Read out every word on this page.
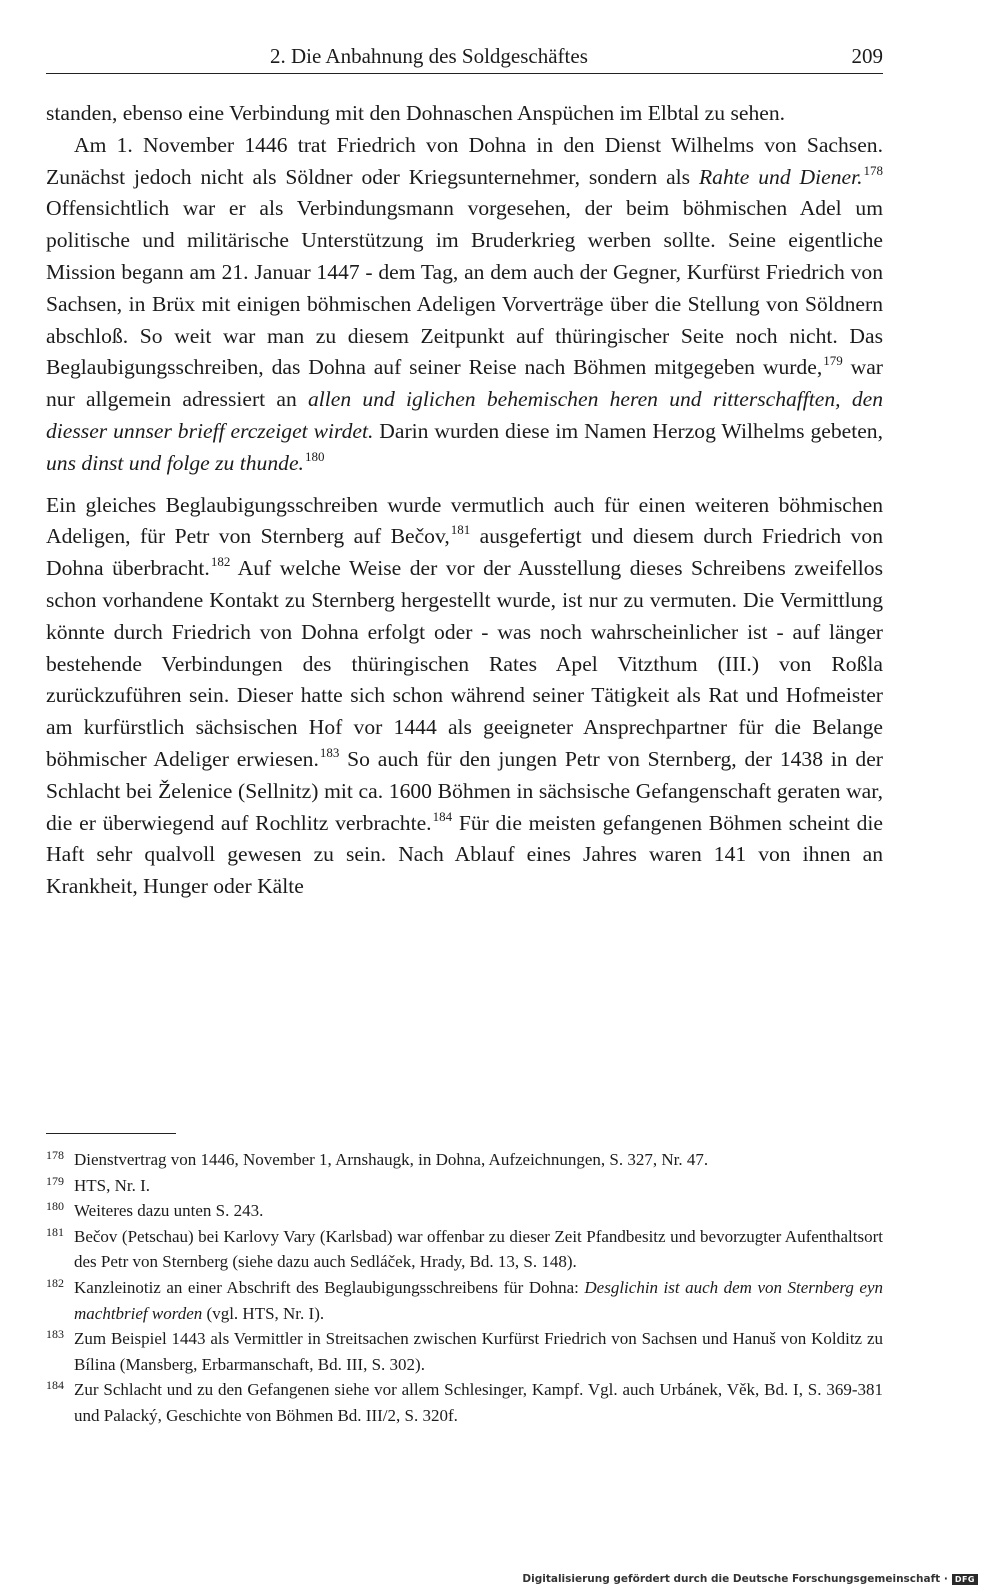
2. Die Anbahnung des Soldgeschäftes	209

standen, ebenso eine Verbindung mit den Dohnaschen Anspüchen im Elbtal zu sehen.

Am 1. November 1446 trat Friedrich von Dohna in den Dienst Wilhelms von Sachsen. Zunächst jedoch nicht als Söldner oder Kriegsunternehmer, sondern als Rahte und Diener.$^{178}$ Offensichtlich war er als Verbindungsmann vorgesehen, der beim böhmischen Adel um politische und militärische Unterstützung im Bruderkrieg werben sollte. Seine eigentliche Mission begann am 21. Januar 1447 - dem Tag, an dem auch der Gegner, Kurfürst Friedrich von Sachsen, in Brüx mit einigen böhmischen Adeligen Vorverträge über die Stellung von Söldnern abschloß. So weit war man zu diesem Zeitpunkt auf thüringischer Seite noch nicht. Das Beglaubigungsschreiben, das Dohna auf seiner Reise nach Böhmen mitgegeben wurde,$^{179}$ war nur allgemein adressiert an allen und iglichen behemischen heren und ritterschafften, den diesser unnser brieff erczeiget wirdet. Darin wurden diese im Namen Herzog Wilhelms gebeten, uns dinst und folge zu thunde.$^{180}$

Ein gleiches Beglaubigungsschreiben wurde vermutlich auch für einen weiteren böhmischen Adeligen, für Petr von Sternberg auf Bečov,$^{181}$ ausgefertigt und diesem durch Friedrich von Dohna überbracht.$^{182}$ Auf welche Weise der vor der Ausstellung dieses Schreibens zweifellos schon vorhandene Kontakt zu Sternberg hergestellt wurde, ist nur zu vermuten. Die Vermittlung könnte durch Friedrich von Dohna erfolgt oder - was noch wahrscheinlicher ist - auf länger bestehende Verbindungen des thüringischen Rates Apel Vitzthum (III.) von Roßla zurückzuführen sein. Dieser hatte sich schon während seiner Tätigkeit als Rat und Hofmeister am kurfürstlich sächsischen Hof vor 1444 als geeigneter Ansprechpartner für die Belange böhmischer Adeliger erwiesen.$^{183}$ So auch für den jungen Petr von Sternberg, der 1438 in der Schlacht bei Želenice (Sellnitz) mit ca. 1600 Böhmen in sächsische Gefangenschaft geraten war, die er überwiegend auf Rochlitz verbrachte.$^{184}$ Für die meisten gefangenen Böhmen scheint die Haft sehr qualvoll gewesen zu sein. Nach Ablauf eines Jahres waren 141 von ihnen an Krankheit, Hunger oder Kälte

178 Dienstvertrag von 1446, November 1, Arnshaugk, in Dohna, Aufzeichnungen, S. 327, Nr. 47.

179 HTS, Nr. I.

180 Weiteres dazu unten S. 243.

181 Bečov (Petschau) bei Karlovy Vary (Karlsbad) war offenbar zu dieser Zeit Pfandbesitz und bevorzugter Aufenthaltsort des Petr von Sternberg (siehe dazu auch Sedláček, Hrady, Bd. 13, S. 148).

182 Kanzleinotiz an einer Abschrift des Beglaubigungsschreibens für Dohna: Desglichin ist auch dem von Sternberg eyn machtbrief worden (vgl. HTS, Nr. I).

183 Zum Beispiel 1443 als Vermittler in Streitsachen zwischen Kurfürst Friedrich von Sachsen und Hanuš von Kolditz zu Bílina (Mansberg, Erbarmanschaft, Bd. III, S. 302).

184 Zur Schlacht und zu den Gefangenen siehe vor allem Schlesinger, Kampf. Vgl. auch Urbánek, Věk, Bd. I, S. 369-381 und Palacký, Geschichte von Böhmen Bd. III/2, S. 320f.

Digitalisierung gefördert durch die Deutsche Forschungsgemeinschaft · DFG
